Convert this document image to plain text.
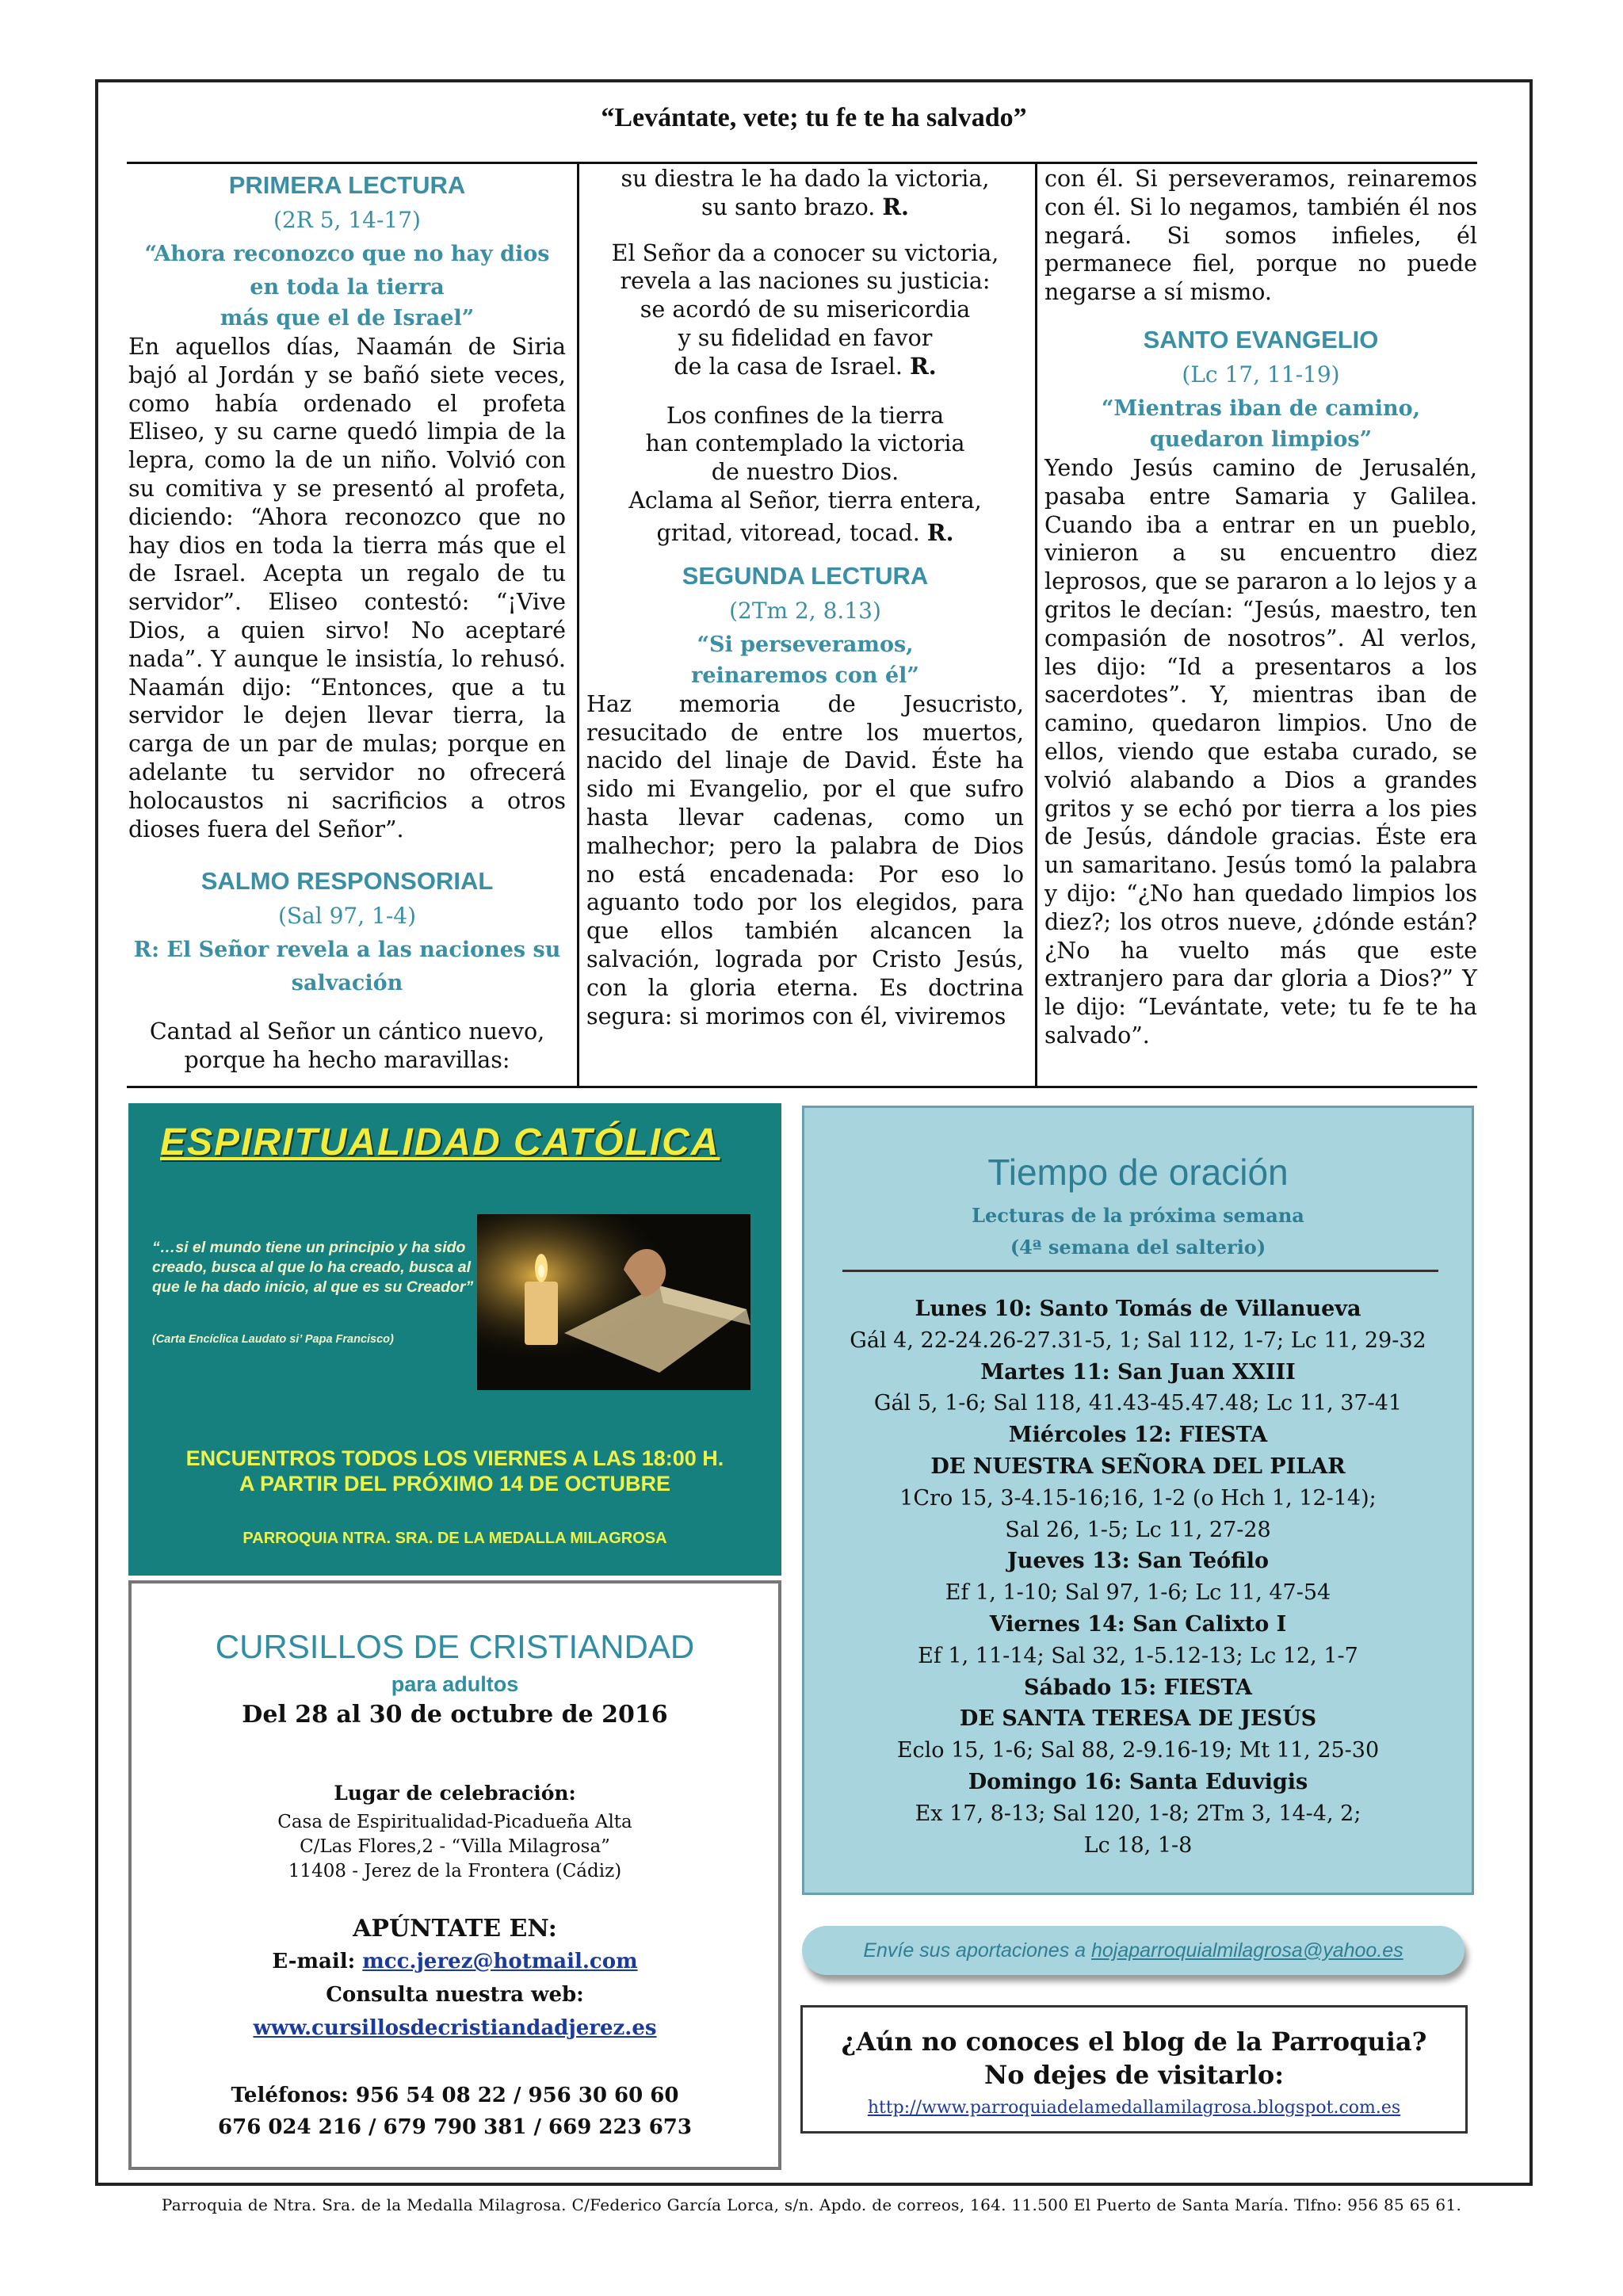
“Levántate, vete; tu fe te ha salvado”
PRIMERA LECTURA
(2R 5, 14-17)
“Ahora reconozco que no hay dios
en toda la tierra
más que el de Israel”

En aquellos días, Naamán de Siria bajó al Jordán y se bañó siete veces, como había ordenado el profeta Eliseo, y su carne quedó limpia de la lepra, como la de un niño. Volvió con su comitiva y se presentó al profeta, diciendo: “Ahora reconozco que no hay dios en toda la tierra más que el de Israel. Acepta un regalo de tu servidor”. Eliseo contestó: “¡Vive Dios, a quien sirvo! No aceptaré nada”. Y aunque le insistía, lo rehusó. Naamán dijo: “Entonces, que a tu servidor le dejen llevar tierra, la carga de un par de mulas; porque en adelante tu servidor no ofrecerá holocaustos ni sacrificios a otros dioses fuera del Señor”.

SALMO RESPONSORIAL
(Sal 97, 1-4)
R: El Señor revela a las naciones su
salvación
Cantad al Señor un cántico nuevo,
porque ha hecho maravillas:
su diestra le ha dado la victoria,
su santo brazo. R.
El Señor da a conocer su victoria,
revela a las naciones su justicia:
se acordó de su misericordia
y su fidelidad en favor
de la casa de Israel. R.
Los confines de la tierra
han contemplado la victoria
de nuestro Dios.
Aclama al Señor, tierra entera,
gritad, vitoread, tocad. R.
SEGUNDA LECTURA
(2Tm 2, 8.13)
“Si perseveramos,
reinaremos con él”

Haz memoria de Jesucristo, resucitado de entre los muertos, nacido del linaje de David. Éste ha sido mi Evangelio, por el que sufro hasta llevar cadenas, como un malhechor; pero la palabra de Dios no está encadenada: Por eso lo aguanto todo por los elegidos, para que ellos también alcancen la salvación, lograda por Cristo Jesús, con la gloria eterna. Es doctrina segura: si morimos con él, viviremos

con él. Si perseveramos, reinaremos con él. Si lo negamos, también él nos negará. Si somos infieles, él permanece fiel, porque no puede negarse a sí mismo.

SANTO EVANGELIO
(Lc 17, 11-19)
“Mientras iban de camino,
quedaron limpios”

Yendo Jesús camino de Jerusalén, pasaba entre Samaria y Galilea. Cuando iba a entrar en un pueblo, vinieron a su encuentro diez leprosos, que se pararon a lo lejos y a gritos le decían: “Jesús, maestro, ten compasión de nosotros”. Al verlos, les dijo: “Id a presentaros a los sacerdotes”. Y, mientras iban de camino, quedaron limpios. Uno de ellos, viendo que estaba curado, se volvió alabando a Dios a grandes gritos y se echó por tierra a los pies de Jesús, dándole gracias. Éste era un samaritano. Jesús tomó la palabra y dijo: “¿No han quedado limpios los diez?; los otros nueve, ¿dónde están? ¿No ha vuelto más que este extranjero para dar gloria a Dios?” Y le dijo: “Levántate, vete; tu fe te ha salvado”.

ESPIRITUALIDAD CATÓLICA
“…si el mundo tiene un principio y ha sido creado, busca al que lo ha creado, busca al que le ha dado inicio, al que es su Creador”
(Carta Encíclica Laudato si’ Papa Francisco)
ENCUENTROS TODOS LOS VIERNES A LAS 18:00 H.
A PARTIR DEL PRÓXIMO 14 DE OCTUBRE
PARROQUIA NTRA. SRA. DE LA MEDALLA MILAGROSA
CURSILLOS DE CRISTIANDAD
para adultos
Del 28 al 30 de octubre de 2016
Lugar de celebración:
Casa de Espiritualidad-Picadueña Alta
C/Las Flores,2 - “Villa Milagrosa”
11408 - Jerez de la Frontera (Cádiz)
APÚNTATE EN:
E-mail: mcc.jerez@hotmail.com
Consulta nuestra web:
www.cursillosdecristiandadjerez.es
Teléfonos: 956 54 08 22 / 956 30 60 60
676 024 216 / 679 790 381 / 669 223 673
Tiempo de oración
Lecturas de la próxima semana
(4ª semana del salterio)
Lunes 10: Santo Tomás de Villanueva
Gál 4, 22-24.26-27.31-5, 1; Sal 112, 1-7; Lc 11, 29-32
Martes 11: San Juan XXIII
Gál 5, 1-6; Sal 118, 41.43-45.47.48; Lc 11, 37-41
Miércoles 12: FIESTA
DE NUESTRA SEÑORA DEL PILAR
1Cro 15, 3-4.15-16;16, 1-2 (o Hch 1, 12-14);
Sal 26, 1-5; Lc 11, 27-28
Jueves 13: San Teófilo
Ef 1, 1-10; Sal 97, 1-6; Lc 11, 47-54
Viernes 14: San Calixto I
Ef 1, 11-14; Sal 32, 1-5.12-13; Lc 12, 1-7
Sábado 15: FIESTA
DE SANTA TERESA DE JESÚS
Eclo 15, 1-6; Sal 88, 2-9.16-19; Mt 11, 25-30
Domingo 16: Santa Eduvigis
Ex 17, 8-13; Sal 120, 1-8; 2Tm 3, 14-4, 2;
Lc 18, 1-8
Envíe sus aportaciones a hojaparroquialmilagrosa@yahoo.es
¿Aún no conoces el blog de la Parroquia?
No dejes de visitarlo:
http://www.parroquiadelamedallamilagrosa.blogspot.com.es
Parroquia de Ntra. Sra. de la Medalla Milagrosa. C/Federico García Lorca, s/n. Apdo. de correos, 164. 11.500 El Puerto de Santa María. Tlfno: 956 85 65 61.
